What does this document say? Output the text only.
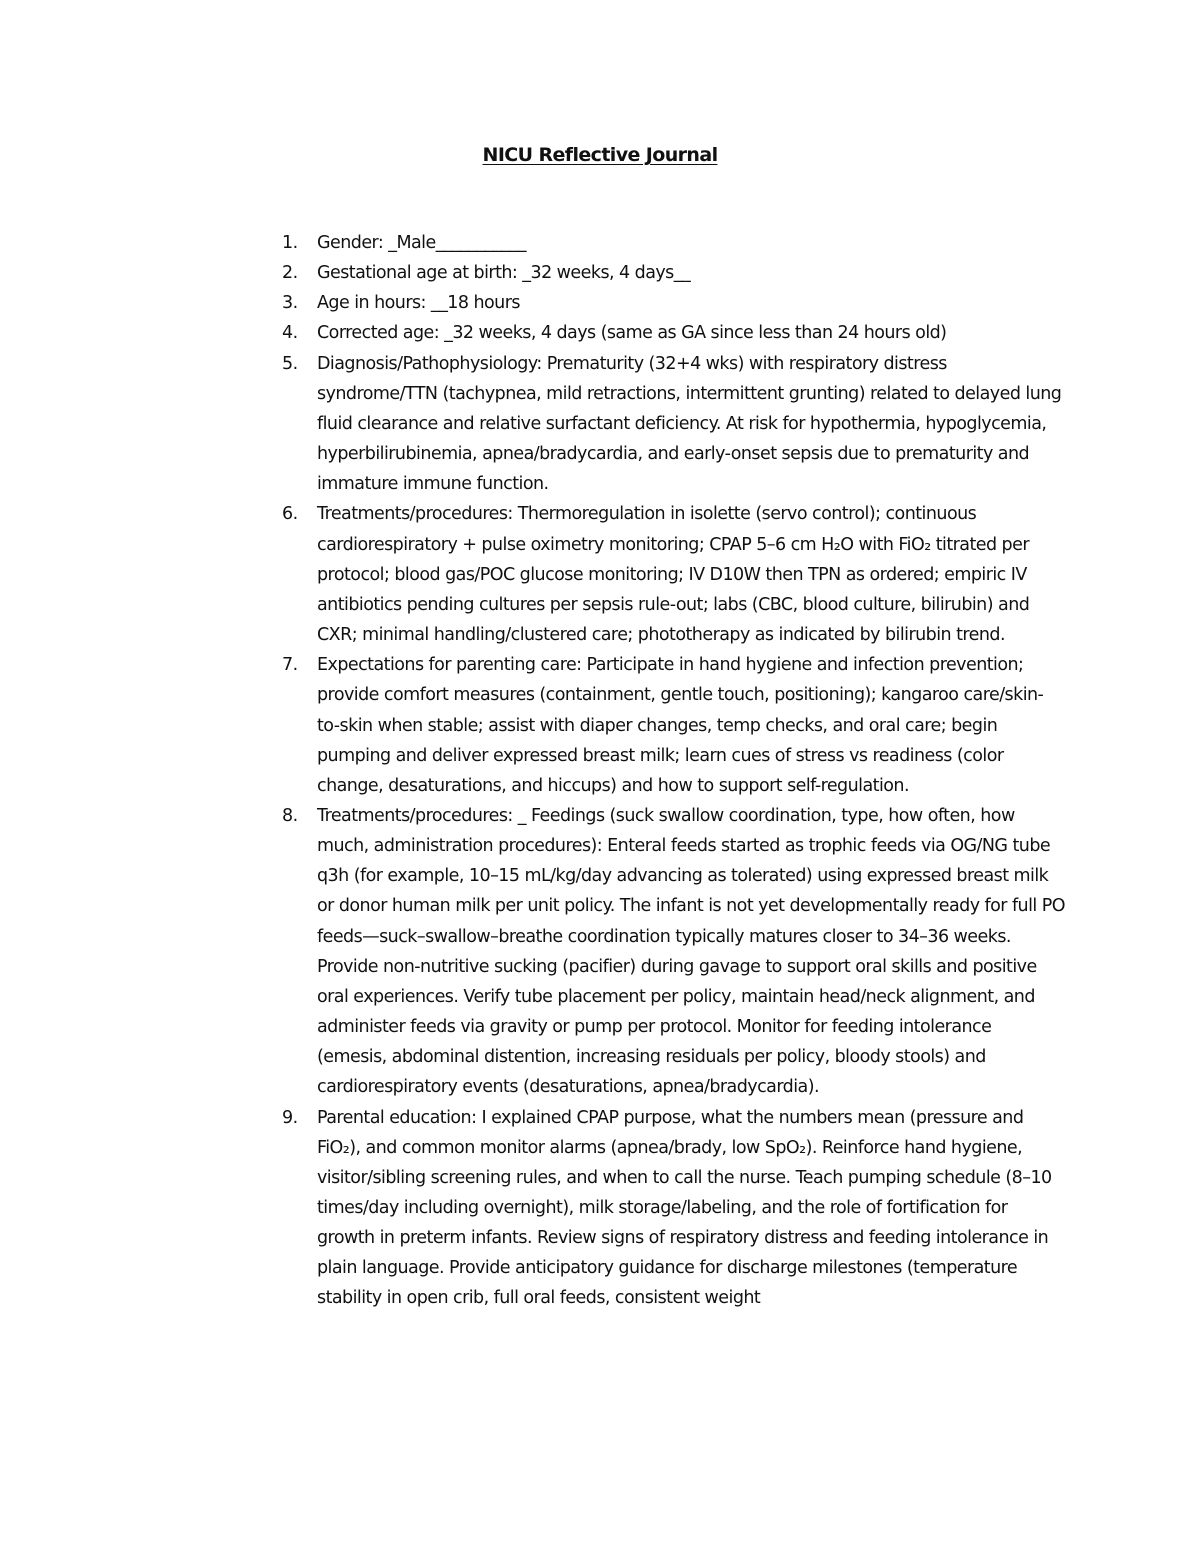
NICU Reflective Journal
1. Gender: _Male___________
2. Gestational age at birth: _32 weeks, 4 days__
3. Age in hours: __18 hours
4. Corrected age: _32 weeks, 4 days (same as GA since less than 24 hours old)
5. Diagnosis/Pathophysiology: Prematurity (32+4 wks) with respiratory distress syndrome/TTN (tachypnea, mild retractions, intermittent grunting) related to delayed lung fluid clearance and relative surfactant deficiency. At risk for hypothermia, hypoglycemia, hyperbilirubinemia, apnea/bradycardia, and early-onset sepsis due to prematurity and immature immune function.
6. Treatments/procedures: Thermoregulation in isolette (servo control); continuous cardiorespiratory + pulse oximetry monitoring; CPAP 5–6 cm H₂O with FiO₂ titrated per protocol; blood gas/POC glucose monitoring; IV D10W then TPN as ordered; empiric IV antibiotics pending cultures per sepsis rule-out; labs (CBC, blood culture, bilirubin) and CXR; minimal handling/clustered care; phototherapy as indicated by bilirubin trend.
7. Expectations for parenting care: Participate in hand hygiene and infection prevention; provide comfort measures (containment, gentle touch, positioning); kangaroo care/skin-to-skin when stable; assist with diaper changes, temp checks, and oral care; begin pumping and deliver expressed breast milk; learn cues of stress vs readiness (color change, desaturations, and hiccups) and how to support self-regulation.
8. Treatments/procedures: _ Feedings (suck swallow coordination, type, how often, how much, administration procedures): Enteral feeds started as trophic feeds via OG/NG tube q3h (for example, 10–15 mL/kg/day advancing as tolerated) using expressed breast milk or donor human milk per unit policy. The infant is not yet developmentally ready for full PO feeds—suck–swallow–breathe coordination typically matures closer to 34–36 weeks. Provide non-nutritive sucking (pacifier) during gavage to support oral skills and positive oral experiences. Verify tube placement per policy, maintain head/neck alignment, and administer feeds via gravity or pump per protocol. Monitor for feeding intolerance (emesis, abdominal distention, increasing residuals per policy, bloody stools) and cardiorespiratory events (desaturations, apnea/bradycardia).
9. Parental education: I explained CPAP purpose, what the numbers mean (pressure and FiO₂), and common monitor alarms (apnea/brady, low SpO₂). Reinforce hand hygiene, visitor/sibling screening rules, and when to call the nurse. Teach pumping schedule (8–10 times/day including overnight), milk storage/labeling, and the role of fortification for growth in preterm infants. Review signs of respiratory distress and feeding intolerance in plain language. Provide anticipatory guidance for discharge milestones (temperature stability in open crib, full oral feeds, consistent weight
